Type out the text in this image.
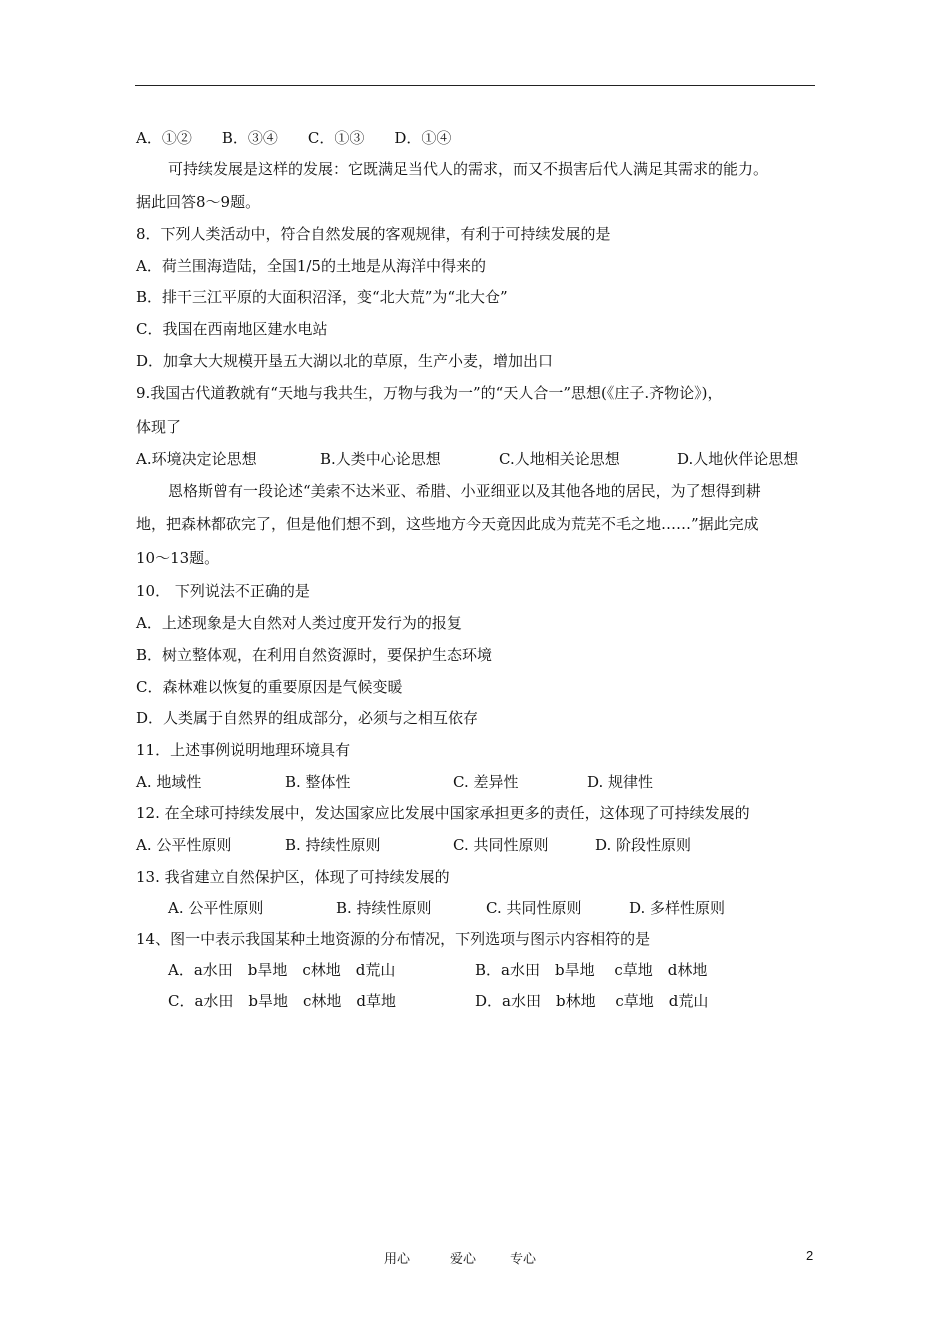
A．①②　　B．③④　　C．①③　　D．①④
可持续发展是这样的发展：它既满足当代人的需求，而又不损害后代人满足其需求的能力。
据此回答8～9题。
8．下列人类活动中，符合自然发展的客观规律，有利于可持续发展的是
A．荷兰围海造陆，全国1/5的土地是从海洋中得来的
B．排干三江平原的大面积沼泽，变“北大荒”为“北大仓”
C．我国在西南地区建水电站
D．加拿大大规模开垦五大湖以北的草原，生产小麦，增加出口
9.我国古代道教就有“天地与我共生，万物与我为一”的“天人合一”思想(《庄子.齐物论》)，
体现了
A.环境决定论思想	B.人类中心论思想	C.人地相关论思想	D.人地伙伴论思想
恩格斯曾有一段论述“美索不达米亚、希腊、小亚细亚以及其他各地的居民，为了想得到耕
地，把森林都砍完了，但是他们想不到，这些地方今天竟因此成为荒芜不毛之地……”据此完成
10～13题。
10． 下列说法不正确的是
A．上述现象是大自然对人类过度开发行为的报复
B．树立整体观，在利用自然资源时，要保护生态环境
C．森林难以恢复的重要原因是气候变暖
D．人类属于自然界的组成部分，必须与之相互依存
11．上述事例说明地理环境具有
A. 地域性	B. 整体性	C. 差异性	D. 规律性
12. 在全球可持续发展中，发达国家应比发展中国家承担更多的责任，这体现了可持续发展的
A. 公平性原则	B. 持续性原则	C. 共同性原则	D. 阶段性原则
13. 我省建立自然保护区，体现了可持续发展的
A. 公平性原则	B. 持续性原则	C. 共同性原则	D. 多样性原则
14、图一中表示我国某种土地资源的分布情况，下列选项与图示内容相符的是
A．a水田　b旱地　c林地　d荒山	B．a水田　b旱地　 c草地　d林地
C．a水田　b旱地　c林地　d草地	D．a水田　b林地　 c草地　d荒山
用心	爱心	专心	2
